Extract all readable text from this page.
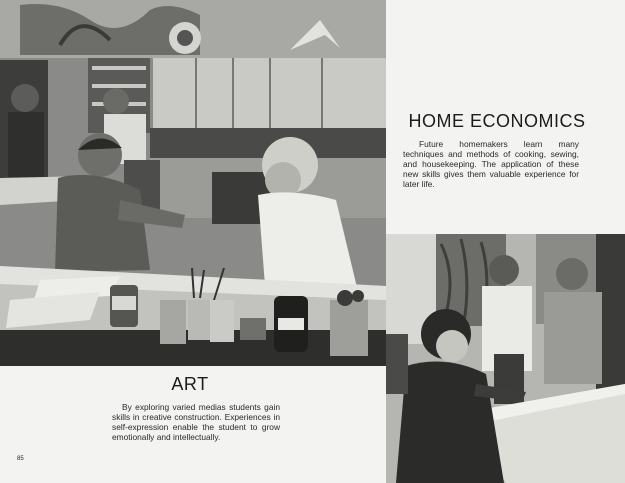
HOME ECONOMICS

Future homemakers learn many techniques and methods of cooking, sewing, and housekeeping. The application of these new skills gives them valuable experience for later life.

ART

By exploring varied medias students gain skills in creative construction. Experiences in self-expression enable the student to grow emotionally and intellectually.

85
